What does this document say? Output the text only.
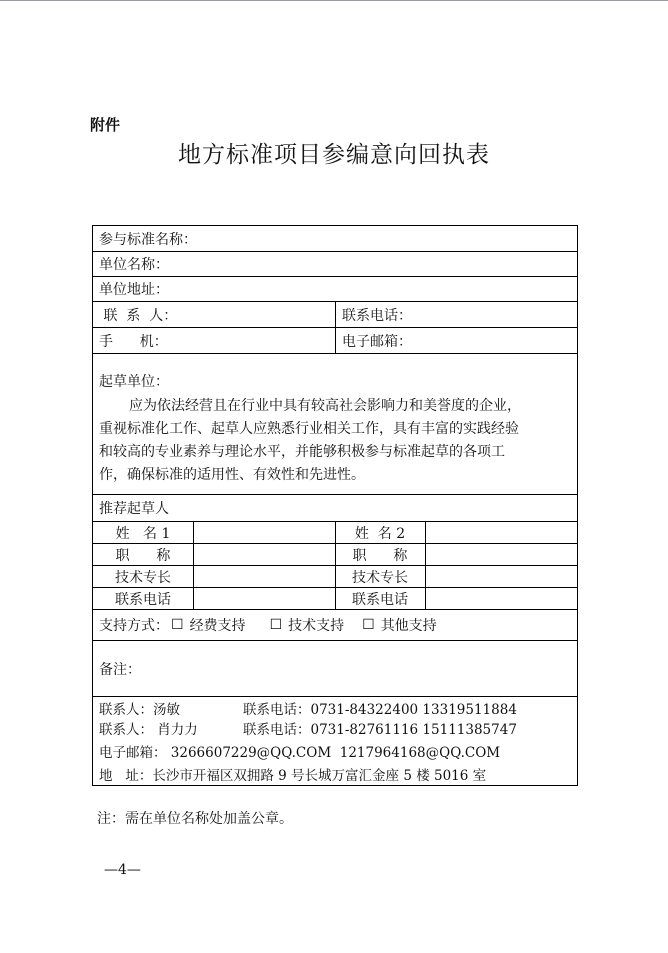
附件
地方标准项目参编意向回执表
参与标准名称：
单位名称：
单位地址：
联  系  人：	联系电话：
手      机：	电子邮箱：
起草单位：
应为依法经营且在行业中具有较高社会影响力和美誉度的企业，
重视标准化工作、起草人应熟悉行业相关工作，具有丰富的实践经验
和较高的专业素养与理论水平，并能够积极参与标准起草的各项工
作，确保标准的适用性、有效性和先进性。
推荐起草人
姓   名 1	姓  名 2
职      称	职      称
技术专长	技术专长
联系电话	联系电话
支持方式： ☐ 经费支持 ☐ 技术支持 ☐ 其他支持
备注：
联系人：汤敏	联系电话：0731-84322400 13319511884
联系人： 肖力力	联系电话：0731-82761116 15111385747
电子邮箱： 3266607229@QQ.COM  1217964168@QQ.COM
地   址：长沙市开福区双拥路 9 号长城万富汇金座 5 楼 5016 室
注：需在单位名称处加盖公章。
—4—
